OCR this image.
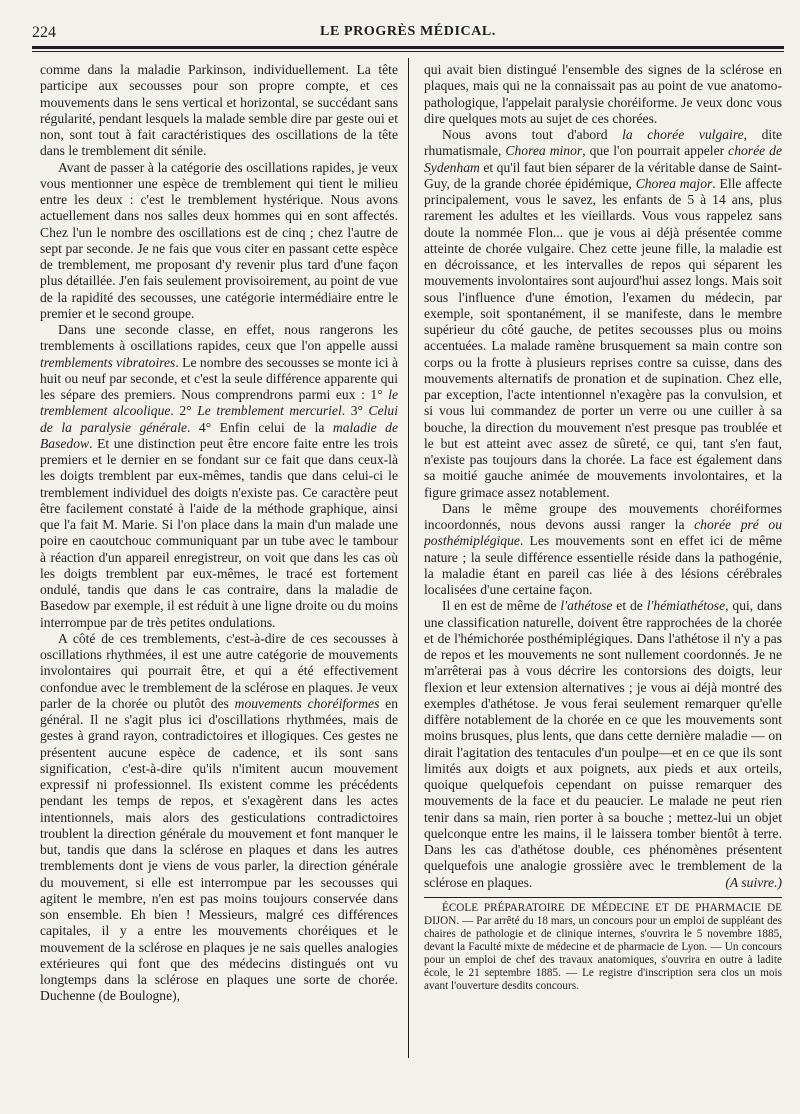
224	LE PROGRÈS MÉDICAL.

comme dans la maladie Parkinson, individuellement. La tête participe aux secousses pour son propre compte, et ces mouvements dans le sens vertical et horizontal, se succédant sans régularité, pendant lesquels la malade semble dire par geste oui et non, sont tout à fait caractéristiques des oscillations de la tête dans le tremblement dit sénile.

Avant de passer à la catégorie des oscillations rapides, je veux vous mentionner une espèce de tremblement qui tient le milieu entre les deux : c'est le tremblement hystérique. Nous avons actuellement dans nos salles deux hommes qui en sont affectés. Chez l'un le nombre des oscillations est de cinq ; chez l'autre de sept par seconde. Je ne fais que vous citer en passant cette espèce de tremblement, me proposant d'y revenir plus tard d'une façon plus détaillée. J'en fais seulement provisoirement, au point de vue de la rapidité des secousses, une catégorie intermédiaire entre le premier et le second groupe.

Dans une seconde classe, en effet, nous rangerons les tremblements à oscillations rapides, ceux que l'on appelle aussi tremblements vibratoires. Le nombre des secousses se monte ici à huit ou neuf par seconde, et c'est la seule différence apparente qui les sépare des premiers. Nous comprendrons parmi eux : 1° le tremblement alcoolique. 2° Le tremblement mercuriel. 3° Celui de la paralysie générale. 4° Enfin celui de la maladie de Basedow. Et une distinction peut être encore faite entre les trois premiers et le dernier en se fondant sur ce fait que dans ceux-là les doigts tremblent par eux-mêmes, tandis que dans celui-ci le tremblement individuel des doigts n'existe pas. Ce caractère peut être facilement constaté à l'aide de la méthode graphique, ainsi que l'a fait M. Marie. Si l'on place dans la main d'un malade une poire en caoutchouc communiquant par un tube avec le tambour à réaction d'un appareil enregistreur, on voit que dans les cas où les doigts tremblent par eux-mêmes, le tracé est fortement ondulé, tandis que dans le cas contraire, dans la maladie de Basedow par exemple, il est réduit à une ligne droite ou du moins interrompue par de très petites ondulations.

A côté de ces tremblements, c'est-à-dire de ces secousses à oscillations rhythmées, il est une autre catégorie de mouvements involontaires qui pourrait être, et qui a été effectivement confondue avec le tremblement de la sclérose en plaques. Je veux parler de la chorée ou plutôt des mouvements choréiformes en général. Il ne s'agit plus ici d'oscillations rhythmées, mais de gestes à grand rayon, contradictoires et illogiques. Ces gestes ne présentent aucune espèce de cadence, et ils sont sans signification, c'est-à-dire qu'ils n'imitent aucun mouvement expressif ni professionnel. Ils existent comme les précédents pendant les temps de repos, et s'exagèrent dans les actes intentionnels, mais alors des gesticulations contradictoires troublent la direction générale du mouvement et font manquer le but, tandis que dans la sclérose en plaques et dans les autres tremblements dont je viens de vous parler, la direction générale du mouvement, si elle est interrompue par les secousses qui agitent le membre, n'en est pas moins toujours conservée dans son ensemble. Eh bien ! Messieurs, malgré ces différences capitales, il y a entre les mouvements choréiques et le mouvement de la sclérose en plaques je ne sais quelles analogies extérieures qui font que des médecins distingués ont vu longtemps dans la sclérose en plaques une sorte de chorée. Duchenne (de Boulogne),

qui avait bien distingué l'ensemble des signes de la sclérose en plaques, mais qui ne la connaissait pas au point de vue anatomo-pathologique, l'appelait paralysie choréiforme. Je veux donc vous dire quelques mots au sujet de ces chorées.

Nous avons tout d'abord la chorée vulgaire, dite rhumatismale, Chorea minor, que l'on pourrait appeler chorée de Sydenham et qu'il faut bien séparer de la véritable danse de Saint-Guy, de la grande chorée épidémique, Chorea major. Elle affecte principalement, vous le savez, les enfants de 5 à 14 ans, plus rarement les adultes et les vieillards. Vous vous rappelez sans doute la nommée Flon... que je vous ai déjà présentée comme atteinte de chorée vulgaire. Chez cette jeune fille, la maladie est en décroissance, et les intervalles de repos qui séparent les mouvements involontaires sont aujourd'hui assez longs. Mais soit sous l'influence d'une émotion, l'examen du médecin, par exemple, soit spontanément, il se manifeste, dans le membre supérieur du côté gauche, de petites secousses plus ou moins accentuées. La malade ramène brusquement sa main contre son corps ou la frotte à plusieurs reprises contre sa cuisse, dans des mouvements alternatifs de pronation et de supination. Chez elle, par exception, l'acte intentionnel n'exagère pas la convulsion, et si vous lui commandez de porter un verre ou une cuiller à sa bouche, la direction du mouvement n'est presque pas troublée et le but est atteint avec assez de sûreté, ce qui, tant s'en faut, n'existe pas toujours dans la chorée. La face est également dans sa moitié gauche animée de mouvements involontaires, et la figure grimace assez notablement.

Dans le même groupe des mouvements choréiformes incoordonnés, nous devons aussi ranger la chorée pré ou posthémiplégique. Les mouvements sont en effet ici de même nature ; la seule différence essentielle réside dans la pathogénie, la maladie étant en pareil cas liée à des lésions cérébrales localisées d'une certaine façon.

Il en est de même de l'athétose et de l'hémiathétose, qui, dans une classification naturelle, doivent être rapprochées de la chorée et de l'hémichorée posthémiplégiques. Dans l'athétose il n'y a pas de repos et les mouvements ne sont nullement coordonnés. Je ne m'arrêterai pas à vous décrire les contorsions des doigts, leur flexion et leur extension alternatives ; je vous ai déjà montré des exemples d'athétose. Je vous ferai seulement remarquer qu'elle diffère notablement de la chorée en ce que les mouvements sont moins brusques, plus lents, que dans cette dernière maladie — on dirait l'agitation des tentacules d'un poulpe—et en ce que ils sont limités aux doigts et aux poignets, aux pieds et aux orteils, quoique quelquefois cependant on puisse remarquer des mouvements de la face et du peaucier. Le malade ne peut rien tenir dans sa main, rien porter à sa bouche ; mettez-lui un objet quelconque entre les mains, il le laissera tomber bientôt à terre. Dans les cas d'athétose double, ces phénomènes présentent quelquefois une analogie grossière avec le tremblement de la sclérose en plaques.	(A suivre.)

ÉCOLE PRÉPARATOIRE DE MÉDECINE ET DE PHARMACIE DE DIJON. — Par arrêté du 18 mars, un concours pour un emploi de suppléant des chaires de pathologie et de clinique internes, s'ouvrira le 5 novembre 1885, devant la Faculté mixte de médecine et de pharmacie de Lyon. — Un concours pour un emploi de chef des travaux anatomiques, s'ouvrira en outre à ladite école, le 21 septembre 1885. — Le registre d'inscription sera clos un mois avant l'ouverture desdits concours.
